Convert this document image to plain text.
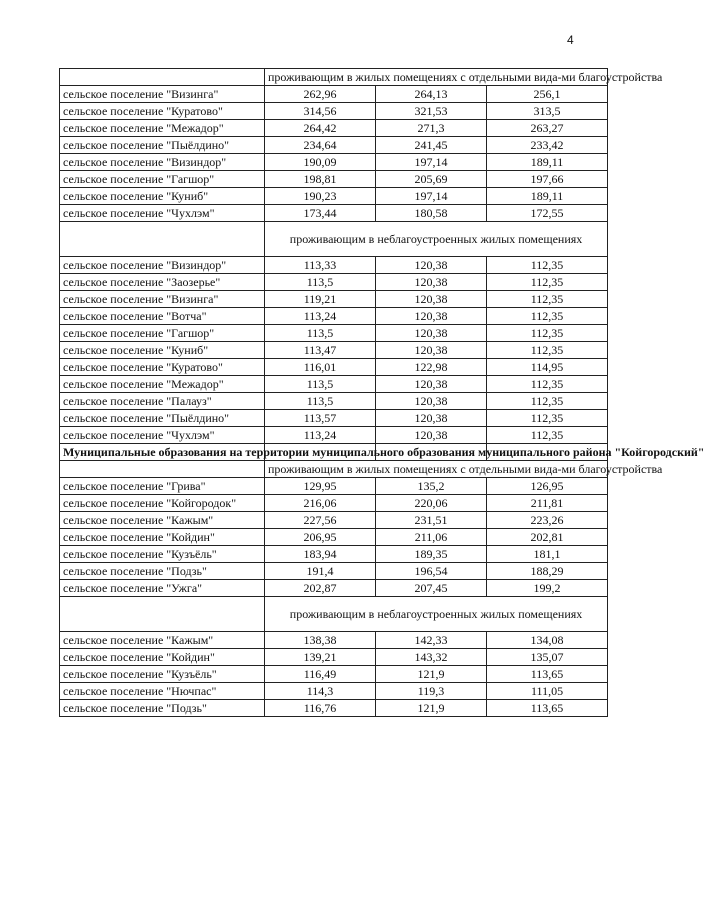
4
	проживающим в жилых помещениях с отдельными вида-ми благоустройства		
сельское поселение "Визинга"	262,96	264,13	256,1
сельское поселение "Куратово"	314,56	321,53	313,5
сельское поселение "Межадор"	264,42	271,3	263,27
сельское поселение "Пыёлдино"	234,64	241,45	233,42
сельское поселение "Визиндор"	190,09	197,14	189,11
сельское поселение "Гагшор"	198,81	205,69	197,66
сельское поселение "Куниб"	190,23	197,14	189,11
сельское поселение "Чухлэм"	173,44	180,58	172,55
	проживающим в неблагоустроенных жилых помещениях		
сельское поселение "Визиндор"	113,33	120,38	112,35
сельское поселение "Заозерье"	113,5	120,38	112,35
сельское поселение "Визинга"	119,21	120,38	112,35
сельское поселение "Вотча"	113,24	120,38	112,35
сельское поселение "Гагшор"	113,5	120,38	112,35
сельское поселение "Куниб"	113,47	120,38	112,35
сельское поселение "Куратово"	116,01	122,98	114,95
сельское поселение "Межадор"	113,5	120,38	112,35
сельское поселение "Палауз"	113,5	120,38	112,35
сельское поселение "Пыёлдино"	113,57	120,38	112,35
сельское поселение "Чухлэм"	113,24	120,38	112,35
Муниципальные образования на территории муниципального образования муниципального района "Койгородский"			
	проживающим в жилых помещениях с отдельными вида-ми благоустройства		
сельское поселение "Грива"	129,95	135,2	126,95
сельское поселение "Койгородок"	216,06	220,06	211,81
сельское поселение "Кажым"	227,56	231,51	223,26
сельское поселение "Койдин"	206,95	211,06	202,81
сельское поселение "Кузъёль"	183,94	189,35	181,1
сельское поселение "Подзь"	191,4	196,54	188,29
сельское поселение "Ужга"	202,87	207,45	199,2
	проживающим в неблагоустроенных жилых помещениях		
сельское поселение "Кажым"	138,38	142,33	134,08
сельское поселение "Койдин"	139,21	143,32	135,07
сельское поселение "Кузъёль"	116,49	121,9	113,65
сельское поселение "Нючпас"	114,3	119,3	111,05
сельское поселение "Подзь"	116,76	121,9	113,65
